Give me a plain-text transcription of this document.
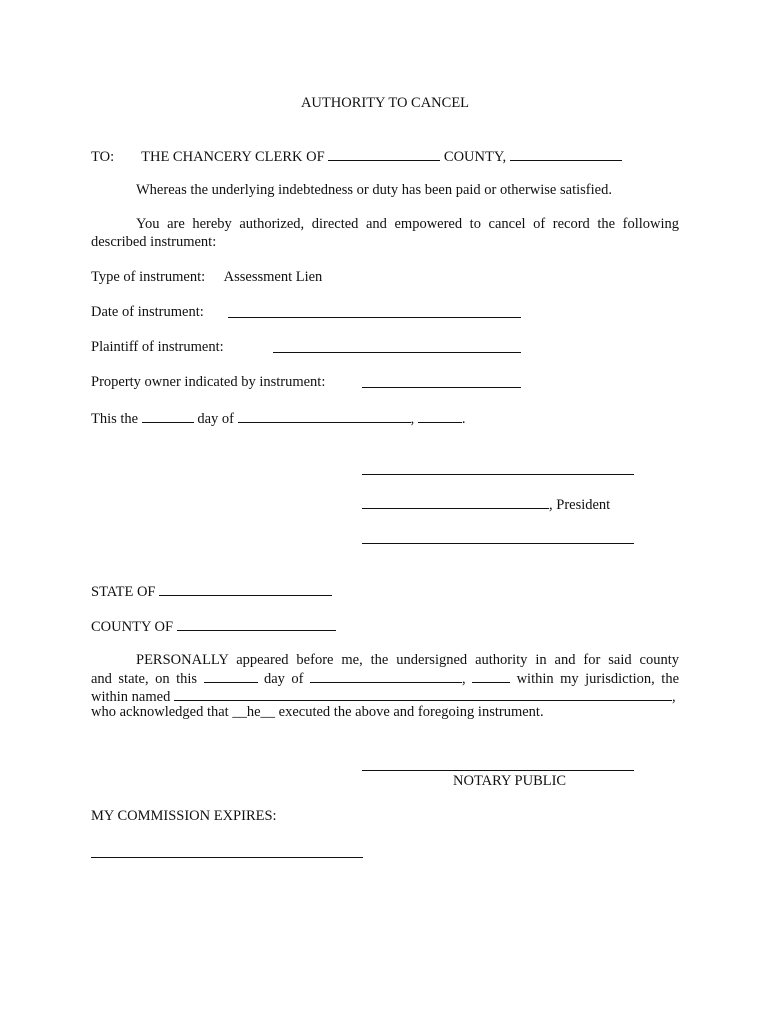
AUTHORITY TO CANCEL
TO: THE CHANCERY CLERK OF	COUNTY,
Whereas the underlying indebtedness or duty has been paid or otherwise satisfied.
You are hereby authorized, directed and empowered to cancel of record the following described instrument:
Type of instrument: Assessment Lien
Date of instrument:
Plaintiff of instrument:
Property owner indicated by instrument:
This the	day of	,	.
, President
STATE OF
COUNTY OF
PERSONALLY appeared before me, the undersigned authority in and for said county
and state, on this	day of	,	within my jurisdiction, the
within named	,
who acknowledged that __he__ executed the above and foregoing instrument.
NOTARY PUBLIC
MY COMMISSION EXPIRES:
